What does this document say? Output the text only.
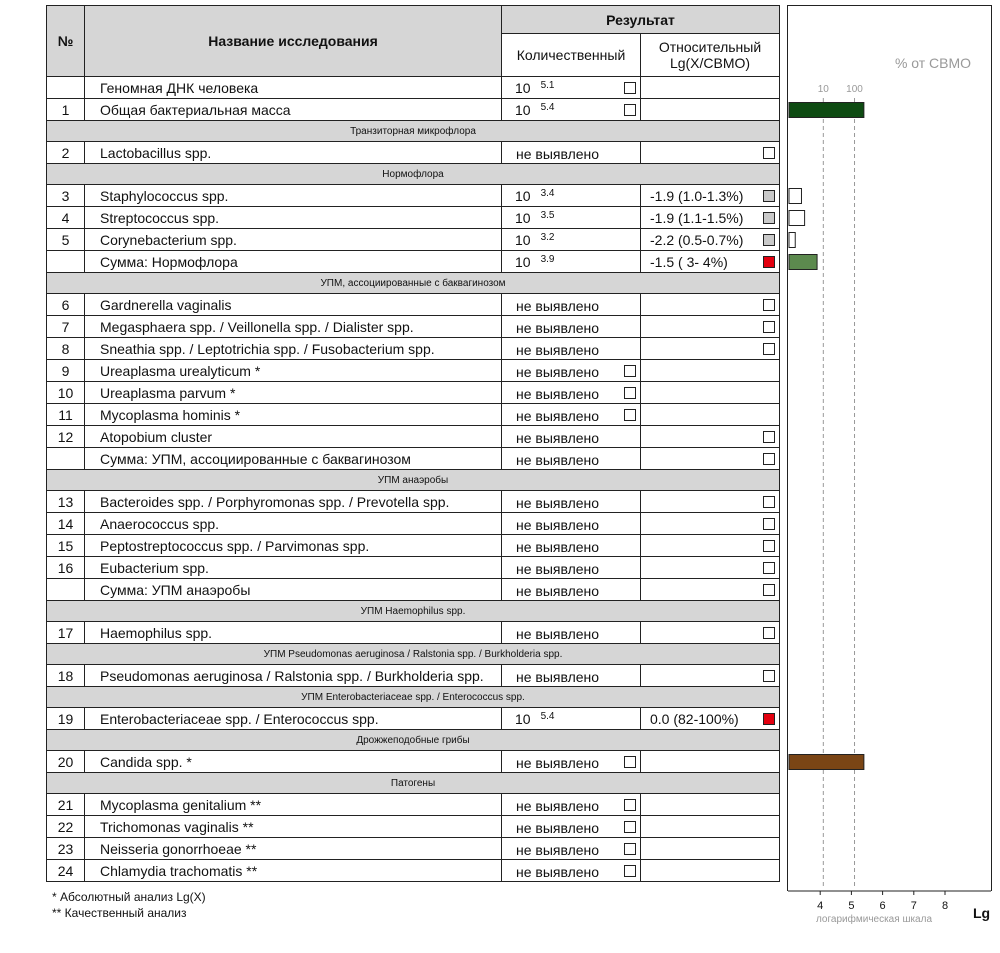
№	Название исследования	Результат	
		Количественный	Относительный Lg(X/СВМО)
	Геномная ДНК человека	10 $^{5.1}$

1	Общая бактериальная масса	10 $^{5.4}$

Транзиторная микрофлора			
2	Lactobacillus spp.	не выявлено	

Нормофлора			
3	Staphylococcus spp.	10 $^{3.4}$	-1.9 (1.0-1.3%)

4	Streptococcus spp.	10 $^{3.5}$	-1.9 (1.1-1.5%)

5	Corynebacterium spp.	10 $^{3.2}$	-2.2 (0.5-0.7%)

	Сумма: Нормофлора	10 $^{3.9}$	-1.5 ( 3- 4%)

УПМ, ассоциированные с баквагинозом			
6	Gardnerella vaginalis	не выявлено	

7	Megasphaera spp. / Veillonella spp. / Dialister spp.	не выявлено	

8	Sneathia spp. / Leptotrichia spp. / Fusobacterium spp.	не выявлено	

9	Ureaplasma urealyticum *	не выявлено	

10	Ureaplasma parvum *	не выявлено	

11	Mycoplasma hominis *	не выявлено	

12	Atopobium cluster	не выявлено	

	Сумма: УПМ, ассоциированные с баквагинозом	не выявлено	

УПМ анаэробы			
13	Bacteroides spp. / Porphyromonas spp. / Prevotella spp.	не выявлено	

14	Anaerococcus spp.	не выявлено	

15	Peptostreptococcus spp. / Parvimonas spp.	не выявлено	

16	Eubacterium spp.	не выявлено	

	Сумма: УПМ анаэробы	не выявлено	

УПМ Haemophilus spp.			
17	Haemophilus spp.	не выявлено	

УПМ Pseudomonas aeruginosa / Ralstonia spp. / Burkholderia spp.			
18	Pseudomonas aeruginosa / Ralstonia spp. / Burkholderia spp.	не выявлено	

УПМ Enterobacteriaceae spp. / Enterococcus spp.			
19	Enterobacteriaceae spp. / Enterococcus spp.	10 $^{5.4}$	0.0 (82-100%)

Дрожжеподобные грибы			
20	Candida spp. *	не выявлено	

Патогены			
21	Mycoplasma genitalium **	не выявлено	

22	Trichomonas vaginalis **	не выявлено	

23	Neisseria gonorrhoeae **	не выявлено	

24	Chlamydia trachomatis **	не выявлено	

% от СВМО
10 100
4 5 6 7 8
логарифмическая шкала	Lg
* Абсолютный анализ Lg(X)
** Качественный анализ
